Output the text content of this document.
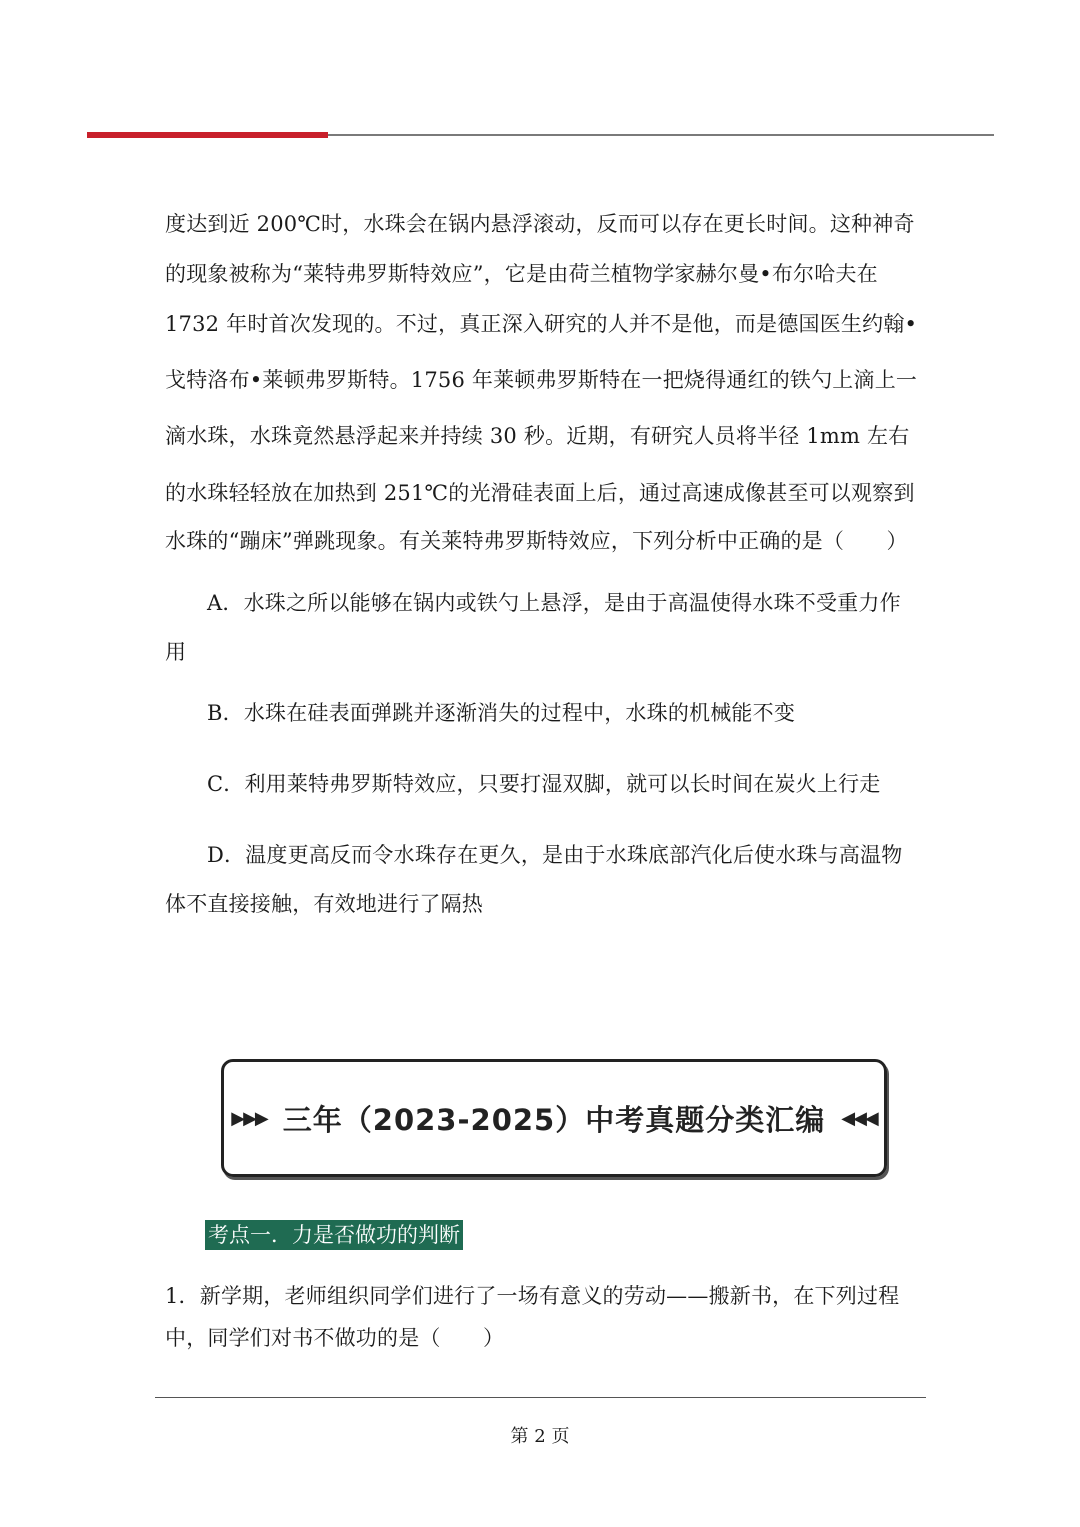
度达到近 200℃时，水珠会在锅内悬浮滚动，反而可以存在更长时间。这种神奇
的现象被称为“莱特弗罗斯特效应”，它是由荷兰植物学家赫尔曼•布尔哈夫在
1732 年时首次发现的。不过，真正深入研究的人并不是他，而是德国医生约翰•
戈特洛布•莱顿弗罗斯特。1756 年莱顿弗罗斯特在一把烧得通红的铁勺上滴上一
滴水珠，水珠竟然悬浮起来并持续 30 秒。近期，有研究人员将半径 1mm 左右
的水珠轻轻放在加热到 251℃的光滑硅表面上后，通过高速成像甚至可以观察到
水珠的“蹦床”弹跳现象。有关莱特弗罗斯特效应，下列分析中正确的是（　　）
A．水珠之所以能够在锅内或铁勺上悬浮，是由于高温使得水珠不受重力作
用
B．水珠在硅表面弹跳并逐渐消失的过程中，水珠的机械能不变
C．利用莱特弗罗斯特效应，只要打湿双脚，就可以长时间在炭火上行走
D．温度更高反而令水珠存在更久，是由于水珠底部汽化后使水珠与高温物
体不直接接触，有效地进行了隔热
▶▶▶ 三年（2023-2025）中考真题分类汇编 ◀◀◀
考点一．力是否做功的判断
1．新学期，老师组织同学们进行了一场有意义的劳动——搬新书，在下列过程
中，同学们对书不做功的是（　　）
第 2 页
